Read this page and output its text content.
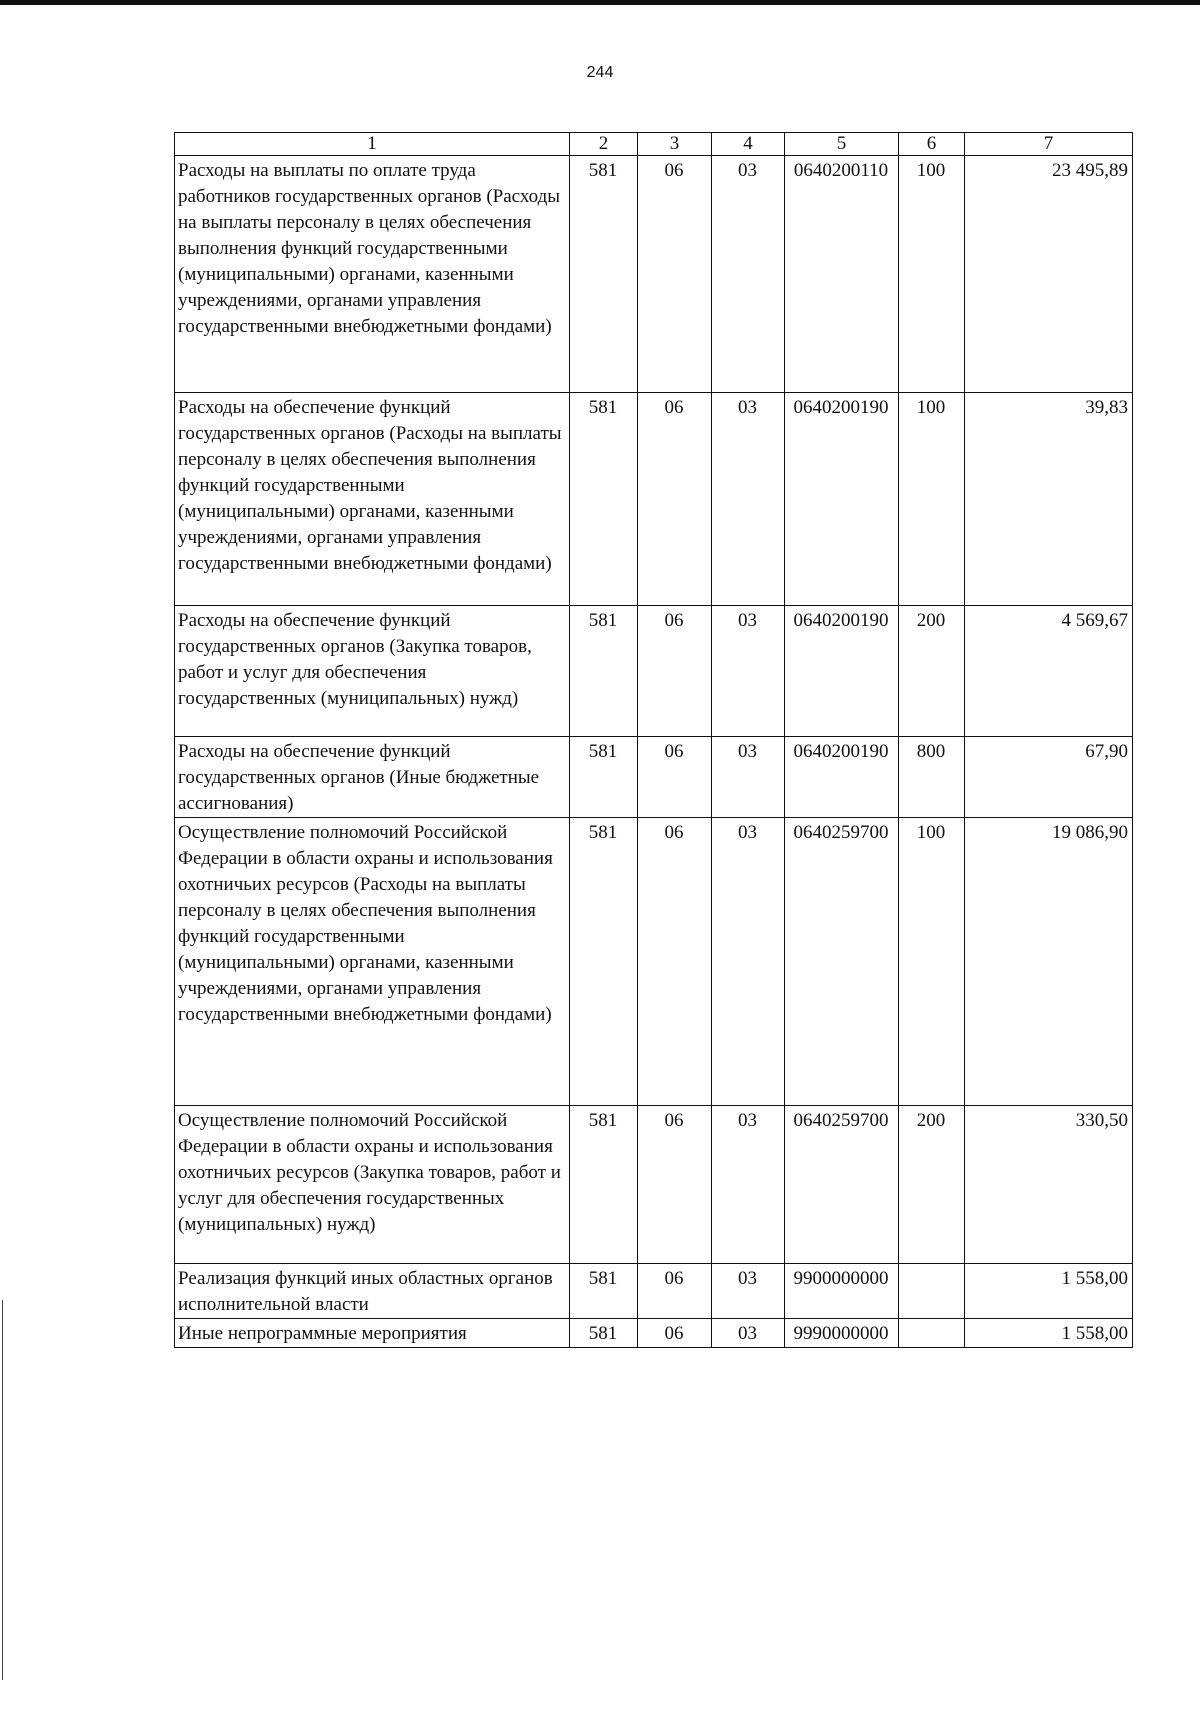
244
1	2	3	4	5	6	7
Расходы на выплаты по оплате труда работников государственных органов (Расходы на выплаты персоналу в целях обеспечения выполнения функций государственными (муниципальными) органами, казенными учреждениями, органами управления государственными внебюджетными фондами)	581	06	03	0640200110	100	23 495,89
Расходы на обеспечение функций государственных органов (Расходы на выплаты персоналу в целях обеспечения выполнения функций государственными (муниципальными) органами, казенными учреждениями, органами управления государственными внебюджетными фондами)	581	06	03	0640200190	100	39,83
Расходы на обеспечение функций государственных органов (Закупка товаров, работ и услуг для обеспечения государственных (муниципальных) нужд)	581	06	03	0640200190	200	4 569,67
Расходы на обеспечение функций государственных органов (Иные бюджетные ассигнования)	581	06	03	0640200190	800	67,90
Осуществление полномочий Российской Федерации в области охраны и использования охотничьих ресурсов (Расходы на выплаты персоналу в целях обеспечения выполнения функций государственными (муниципальными) органами, казенными учреждениями, органами управления государственными внебюджетными фондами)	581	06	03	0640259700	100	19 086,90
Осуществление полномочий Российской Федерации в области охраны и использования охотничьих ресурсов (Закупка товаров, работ и услуг для обеспечения государственных (муниципальных) нужд)	581	06	03	0640259700	200	330,50
Реализация функций иных областных органов исполнительной власти	581	06	03	9900000000		1 558,00
Иные непрограммные мероприятия	581	06	03	9990000000		1 558,00
